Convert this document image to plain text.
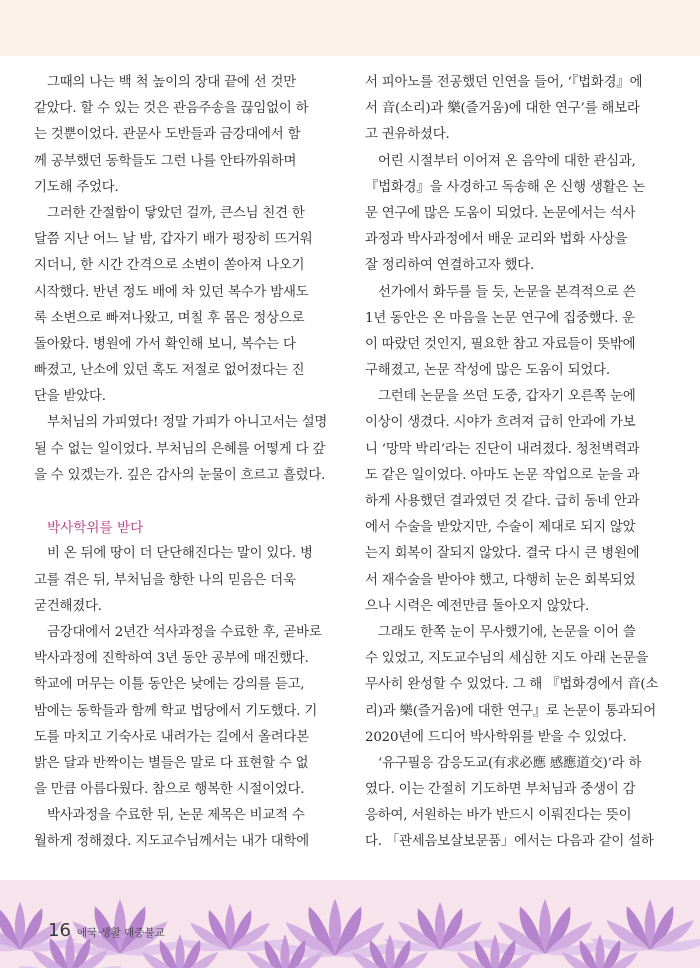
그때의 나는 백 척 높이의 장대 끝에 선 것만
같았다. 할 수 있는 것은 관음주송을 끊임없이 하
는 것뿐이었다. 관문사 도반들과 금강대에서 함
께 공부했던 동학들도 그런 나를 안타까워하며
기도해 주었다.
그러한 간절함이 닿았던 걸까, 큰스님 친견 한
달쯤 지난 어느 날 밤, 갑자기 배가 펑장히 뜨거워
지더니, 한 시간 간격으로 소변이 쏟아져 나오기
시작했다. 반년 정도 배에 차 있던 복수가 밤새도
록 소변으로 빠져나왔고, 며칠 후 몸은 정상으로
돌아왔다. 병원에 가서 확인해 보니, 복수는 다
빠졌고, 난소에 있던 혹도 저절로 없어졌다는 진
단을 받았다.
부처님의 가피였다! 정말 가피가 아니고서는 설명
될 수 없는 일이었다. 부처님의 은혜를 어떻게 다 갚
을 수 있겠는가. 깊은 감사의 눈물이 흐르고 흘렀다.
박사학위를 받다
비 온 뒤에 땅이 더 단단해진다는 말이 있다. 병
고를 겪은 뒤, 부처님을 향한 나의 믿음은 더욱
굳건해졌다.
금강대에서 2년간 석사과정을 수료한 후, 곧바로
박사과정에 진학하여 3년 동안 공부에 매진했다.
학교에 머무는 이틀 동안은 낮에는 강의를 듣고,
밤에는 동학들과 함께 학교 법당에서 기도했다. 기
도를 마치고 기숙사로 내려가는 길에서 올려다본
밝은 달과 반짝이는 별들은 말로 다 표현할 수 없
을 만큼 아름다웠다. 참으로 행복한 시절이었다.
박사과정을 수료한 뒤, 논문 제목은 비교적 수
월하게 정해졌다. 지도교수님께서는 내가 대학에
서 피아노를 전공했던 인연을 들어, ‘『법화경』에
서 音(소리)과 樂(즐거움)에 대한 연구’를 해보라
고 권유하셨다.
어린 시절부터 이어져 온 음악에 대한 관심과,
『법화경』을 사경하고 독송해 온 신행 생활은 논
문 연구에 많은 도움이 되었다. 논문에서는 석사
과정과 박사과정에서 배운 교리와 법화 사상을
잘 정리하여 연결하고자 했다.
선가에서 화두를 들 듯, 논문을 본격적으로 쓴
1년 동안은 온 마음을 논문 연구에 집중했다. 운
이 따랐던 것인지, 필요한 참고 자료들이 뜻밖에
구해졌고, 논문 작성에 많은 도움이 되었다.
그런데 논문을 쓰던 도중, 갑자기 오른쪽 눈에
이상이 생겼다. 시야가 흐려져 급히 안과에 가보
니 ‘망막 박리’라는 진단이 내려졌다. 청천벽력과
도 같은 일이었다. 아마도 논문 작업으로 눈을 과
하게 사용했던 결과였던 것 같다. 급히 동네 안과
에서 수술을 받았지만, 수술이 제대로 되지 않았
는지 회복이 잘되지 않았다. 결국 다시 큰 병원에
서 재수술을 받아야 했고, 다행히 눈은 회복되었
으나 시력은 예전만큼 돌아오지 않았다.
그래도 한쪽 눈이 무사했기에, 논문을 이어 쓸
수 있었고, 지도교수님의 세심한 지도 아래 논문을
무사히 완성할 수 있었다. 그 해 『법화경에서 音(소
리)과 樂(즐거움)에 대한 연구』로 논문이 통과되어
2020년에 드디어 박사학위를 받을 수 있었다.
‘유구필응 감응도교(有求必應 感應道交)’라 하
였다. 이는 간절히 기도하면 부처님과 중생이 감
응하여, 서원하는 바가 반드시 이뤄진다는 뜻이
다. 「관세음보살보문품」에서는 다음과 같이 설하
16 애국·생활 대중불교
